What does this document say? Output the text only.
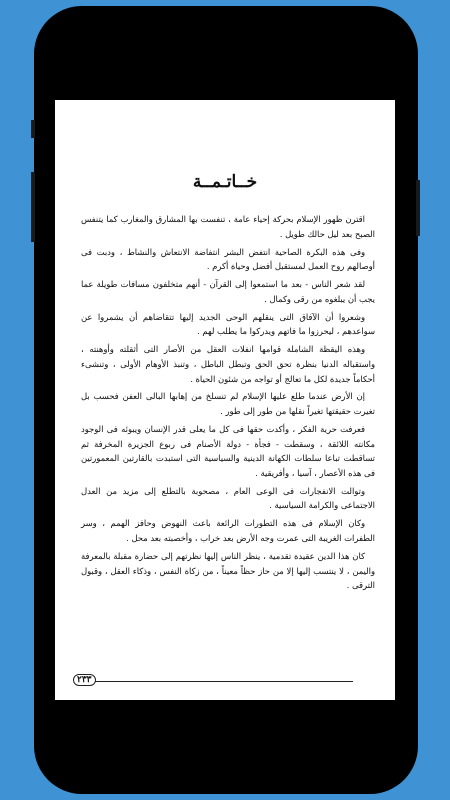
خــاتـمــة

اقترن ظهور الإسلام بحركة إحياء عامة ، تنفست بها المشارق والمغارب كما يتنفس الصبح بعد ليل حالك طويل .

وفى هذه البكرة الصاحية انتفض البشر انتفاضة الانتعاش والنشاط ، ودبت فى أوصالهم روح العمل لمستقبل أفضل وحياة أكرم .

لقد شعر الناس - بعد ما استمعوا إلى القرآن - أنهم متخلفون مسافات طويلة عما يجب أن يبلغوه من رقى وكمال .

وشعروا أن الآفاق التى ينقلهم الوحى الجديد إليها تتقاضاهم أن يشمروا عن سواعدهم ، ليحرزوا ما فاتهم ويدركوا ما يطلب لهم .

وهذه اليقظة الشاملة قوامها انفلات العقل من الأصار التى أثقلته وأوهنته ، واستقباله الدنيا بنظرة تحق الحق وتبطل الباطل ، وتنبذ الأوهام الأولى ، وتنشىء أحكاماً جديدة لكل ما تعالج أو تواجه من شئون الحياة .

إن الأرض عندما طلع عليها الإسلام لم تنسلخ من إهابها البالى العفن فحسب بل تغيرت حقيقتها تغيراً نقلها من طور إلى طور .

فعرفت حرية الفكر ، وأكدت حقها فى كل ما يعلى قدر الإنسان ويبوئه فى الوجود مكانته اللائقة ، وسقطت - فجأة - دولة الأصنام فى ربوع الجزيرة المخرفة ثم تساقطت تباعا سلطات الكهانة الدينية والسياسية التى استبدت بالقارتين المعمورتين فى هذه الأعصار ، آسيا ، وأفريقية .

وتوالت الانفجارات فى الوعى العام ، مصحوبة بالتطلع إلى مزيد من العدل الاجتماعى والكرامة السياسية .

وكان الإسلام فى هذه التطورات الرائعة باعث النهوض وحافز الهمم ، وسر الطفرات الغريبة التى عمرت وجه الأرض بعد خراب ، وأخصبته بعد محل .

كان هذا الدين عقيدة تقدمية ، ينظر الناس إليها نظرتهم إلى حضارة مقبلة بالمعرفة واليمن ، لا ينتسب إليها إلا من حاز حظاً معيناً ، من زكاة النفس ، وذكاء العقل ، وقبول الترقى .

٢٣٣
